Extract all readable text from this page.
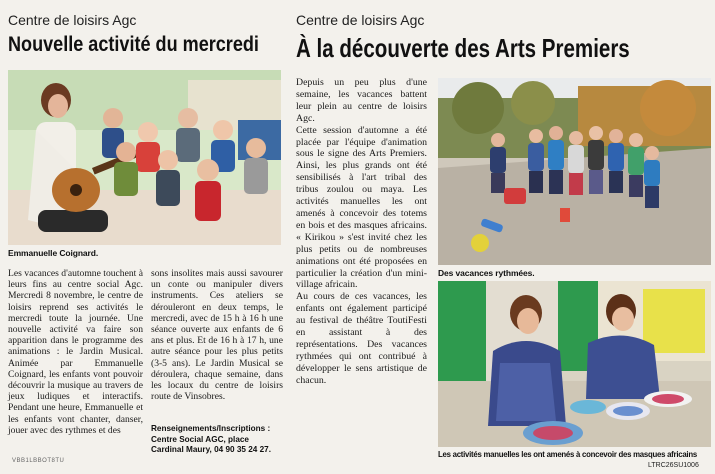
Centre de loisirs Agc
Nouvelle activité du mercredi
Emmanuelle Coignard.

Les vacances d'automne touchent à leurs fins au centre social Agc. Mercredi 8 novembre, le centre de loisirs reprend ses activités le mercredi toute la journée. Une nouvelle activité va faire son apparition dans le programme des animations : le Jardin Musical. Animée par Emmanuelle Coignard, les enfants vont pouvoir découvrir la musique au travers de jeux ludiques et interactifs. Pendant une heure, Emmanuelle et les enfants vont chanter, danser, jouer avec des rythmes et des

sons insolites mais aussi savourer un conte ou manipuler divers instruments. Ces ateliers se dérouleront en deux temps, le mercredi, avec de 15 h à 16 h une séance ouverte aux enfants de 6 ans et plus. Et de 16 h à 17 h, une autre séance pour les plus petits (3-5 ans). Le Jardin Musical se déroulera, chaque semaine, dans les locaux du centre de loisirs route de Vinsobres.

Renseignements/Inscriptions : Centre Social AGC, place Cardinal Maury, 04 90 35 24 27.
Centre de loisirs Agc
À la découverte des Arts Premiers

Depuis un peu plus d'une semaine, les vacances battent leur plein au centre de loisirs Agc.

Cette session d'automne a été placée par l'équipe d'animation sous le signe des Arts Premiers. Ainsi, les plus grands ont été sensibilisés à l'art tribal des tribus zoulou ou maya. Les activités manuelles les ont amenés à concevoir des totems en bois et des masques africains. « Kirikou » s'est invité chez les plus petits ou de nombreuses animations ont été proposées en particulier la création d'un mini-village africain.

Au cours de ces vacances, les enfants ont également participé au festival de théâtre ToutiFesti en assistant à des représentations. Des vacances rythmées qui ont contribué à développer le sens artistique de chacun.

Des vacances rythmées.
Les activités manuelles les ont amenés à concevoir des masques africains
VBB1LBBOT8TU
LTRC26SU1006
